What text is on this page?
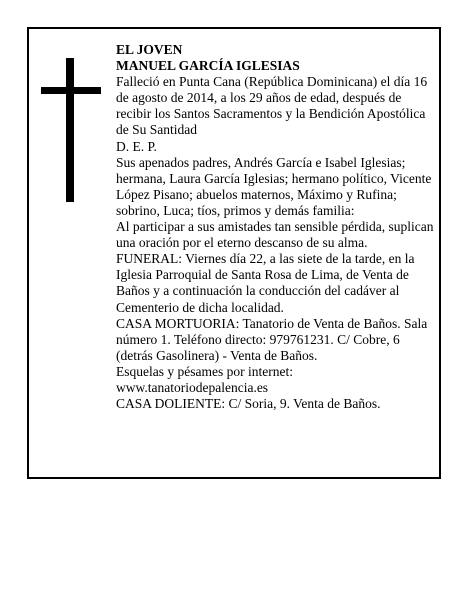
EL JOVEN

MANUEL GARCÍA IGLESIAS

Falleció en Punta Cana (República Dominicana) el día 16 de agosto de 2014, a los 29 años de edad, después de recibir los Santos Sacramentos y la Bendición Apostólica de Su Santidad

D. E. P.

Sus apenados padres, Andrés García e Isabel Iglesias; hermana, Laura García Iglesias; hermano político, Vicente López Pisano; abuelos maternos, Máximo y Rufina; sobrino, Luca; tíos, primos y demás familia:

Al participar a sus amistades tan sensible pérdida, suplican una oración por el eterno descanso de su alma.

FUNERAL: Viernes día 22, a las siete de la tarde, en la Iglesia Parroquial de Santa Rosa de Lima, de Venta de Baños y a continuación la conducción del cadáver al Cementerio de dicha localidad.

CASA MORTUORIA: Tanatorio de Venta de Baños. Sala número 1. Teléfono directo: 979761231. C/ Cobre, 6 (detrás Gasolinera) - Venta de Baños.

Esquelas y pésames por internet:

www.tanatoriodepalencia.es

CASA DOLIENTE: C/ Soria, 9. Venta de Baños.
